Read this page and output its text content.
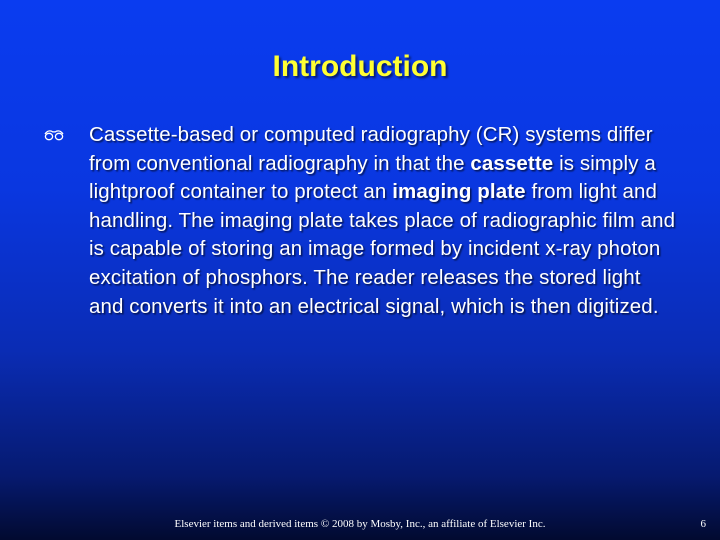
Introduction
Cassette-based or computed radiography (CR) systems differ from conventional radiography in that the cassette is simply a lightproof container to protect an imaging plate from light and handling. The imaging plate takes place of radiographic film and is capable of storing an image formed by incident x-ray photon excitation of phosphors. The reader releases the stored light and converts it into an electrical signal, which is then digitized.
Elsevier items and derived items © 2008 by Mosby, Inc., an affiliate of Elsevier Inc.	6
